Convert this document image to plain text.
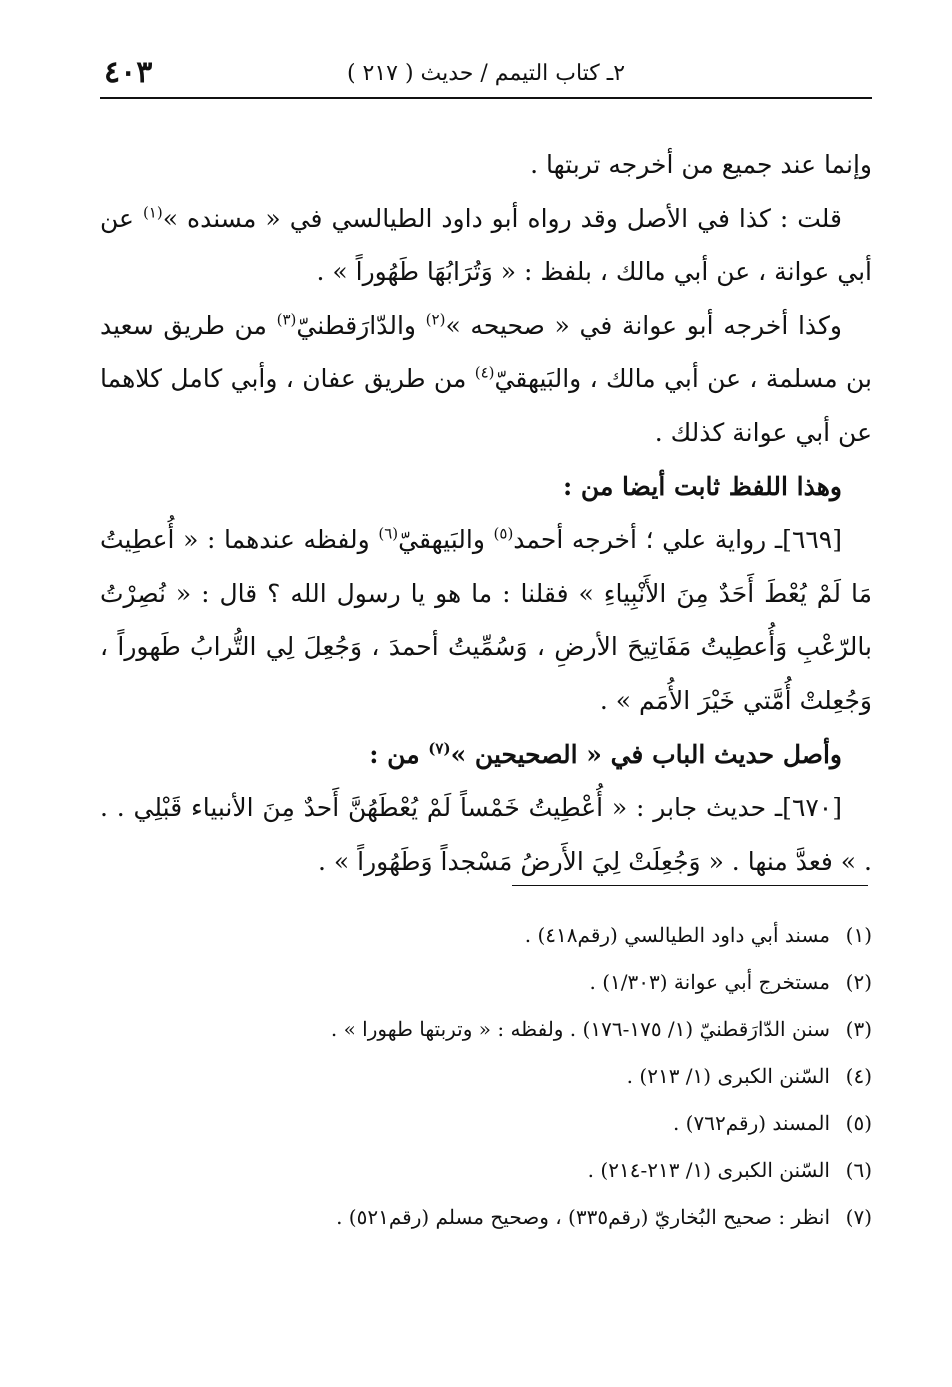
٢ـ كتاب التيمم / حديث ( ٢١٧ )
٤٠٣

وإنما عند جميع من أخرجه تربتها .

قلت : كذا في الأصل وقد رواه أبو داود الطيالسي في « مسنده »$^{(١)}$ عن أبي عوانة ، عن أبي مالك ، بلفظ : « وَتُرَابُهَا طَهُوراً » .

وكذا أخرجه أبو عوانة في « صحيحه »$^{(٢)}$ والدّارَقطنيّ$^{(٣)}$ من طريق سعيد بن مسلمة ، عن أبي مالك ، والبَيهقيّ$^{(٤)}$ من طريق عفان ، وأبي كامل كلاهما عن أبي عوانة كذلك .

وهذا اللفظ ثابت أيضا من :

[٦٦٩]ـ رواية علي ؛ أخرجه أحمد$^{(٥)}$ والبَيهقيّ$^{(٦)}$ ولفظه عندهما : « أُعطِيتُ مَا لَمْ يُعْطَ أَحَدٌ مِنَ الأَنْبِياءِ » فقلنا : ما هو يا رسول الله ؟ قال : « نُصِرْتُ بالرّعْبِ وَأُعطِيتُ مَفَاتِيحَ الأرضِ ، وَسُمِّيتُ أحمدَ ، وَجُعِلَ لِي التُّرابُ طَهوراً ، وَجُعِلتْ أُمَّتي خَيْرَ الأُمَم » .

وأصل حديث الباب في « الصحيحين »$^{(٧)}$ من :

[٦٧٠]ـ حديث جابر : « أُعْطِيتُ خَمْساً لَمْ يُعْطَهُنَّ أَحدٌ مِنَ الأنبياء قَبْلِي . . . » فعدَّ منها . « وَجُعِلَتْ لِيَ الأَرضُ مَسْجداً وَطَهُوراً » .

(١)مسند أبي داود الطيالسي (رقم٤١٨) .
(٢)مستخرج أبي عوانة (١/٣٠٣) .
(٣)سنن الدّارَقطنيّ (١/ ١٧٥-١٧٦) . ولفظه : « وتربتها طهورا » .
(٤)السّنن الكبرى (١/ ٢١٣) .
(٥)المسند (رقم٧٦٢) .
(٦)السّنن الكبرى (١/ ٢١٣-٢١٤) .
(٧)انظر : صحيح البُخاريّ (رقم٣٣٥) ، وصحيح مسلم (رقم٥٢١) .
